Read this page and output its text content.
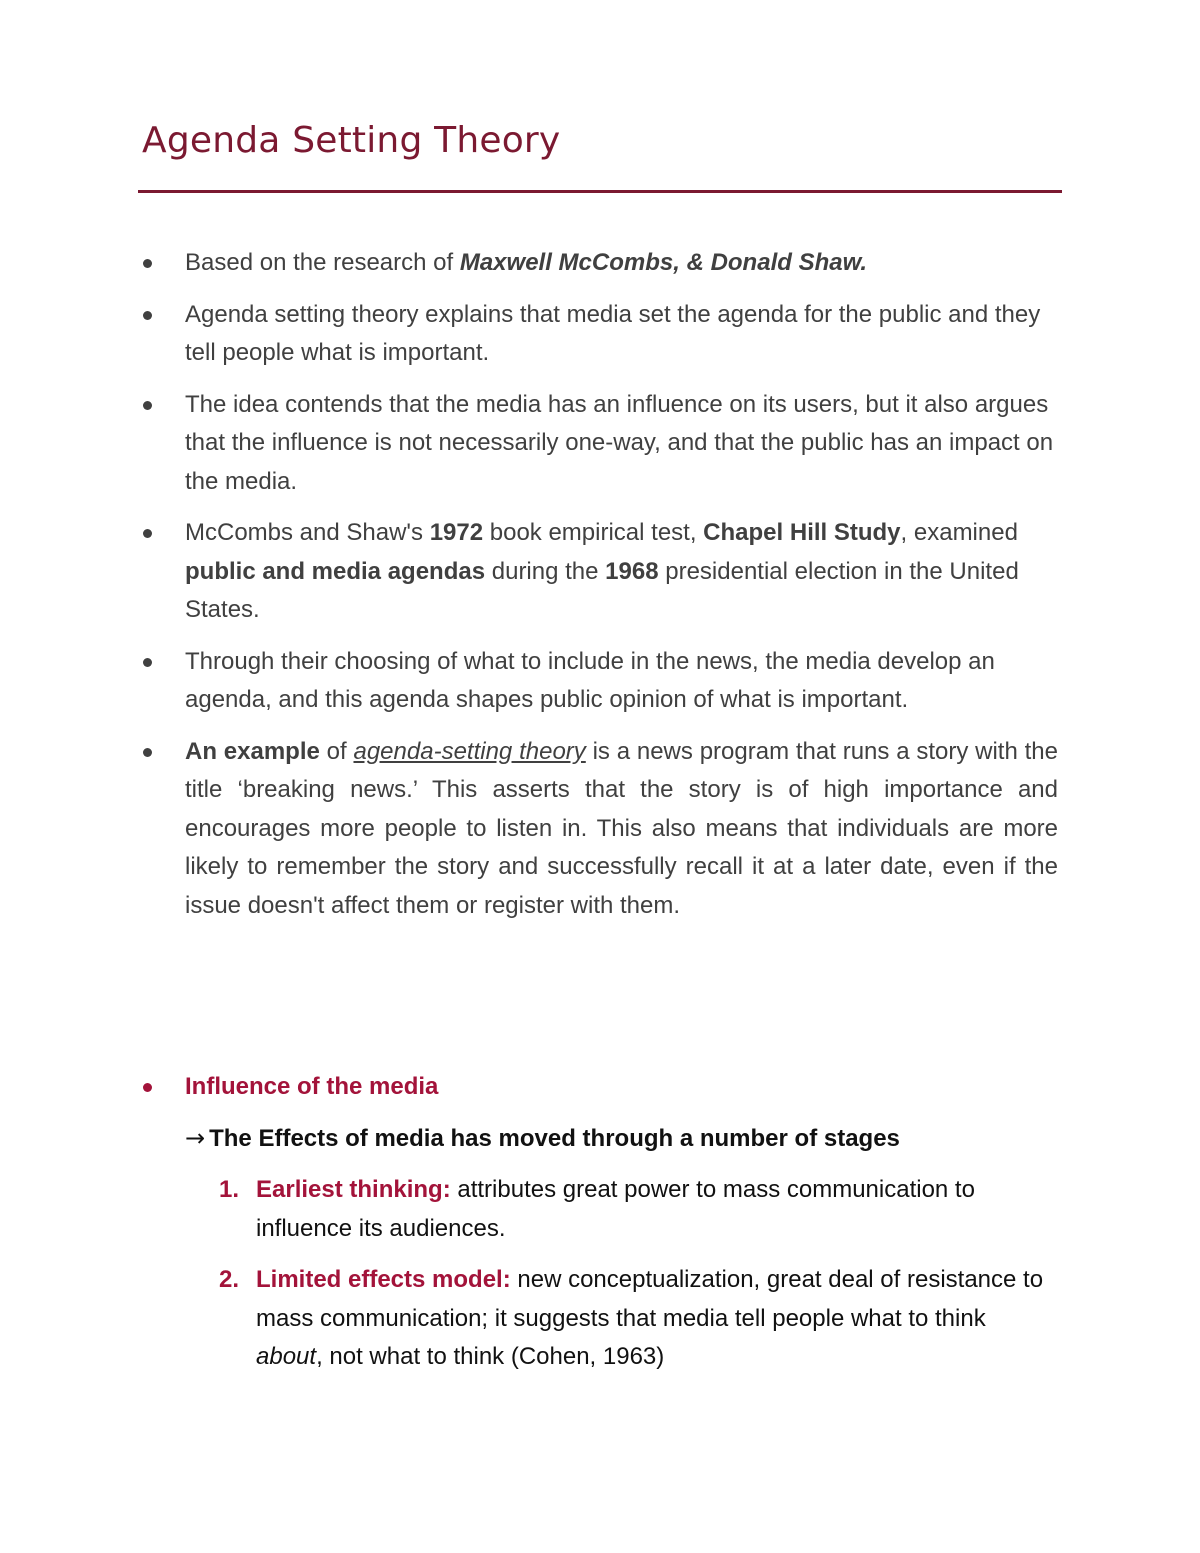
Agenda Setting Theory
Based on the research of Maxwell McCombs, & Donald Shaw.
Agenda setting theory explains that media set the agenda for the public and they tell people what is important.
The idea contends that the media has an influence on its users, but it also argues that the influence is not necessarily one-way, and that the public has an impact on the media.
McCombs and Shaw's 1972 book empirical test, Chapel Hill Study, examined public and media agendas during the 1968 presidential election in the United States.
Through their choosing of what to include in the news, the media develop an agenda, and this agenda shapes public opinion of what is important.
An example of agenda-setting theory is a news program that runs a story with the title ‘breaking news.’ This asserts that the story is of high importance and encourages more people to listen in. This also means that individuals are more likely to remember the story and successfully recall it at a later date, even if the issue doesn't affect them or register with them.
Influence of the media
→ The Effects of media has moved through a number of stages
1. Earliest thinking: attributes great power to mass communication to influence its audiences.
2. Limited effects model: new conceptualization, great deal of resistance to mass communication; it suggests that media tell people what to think about, not what to think (Cohen, 1963)
